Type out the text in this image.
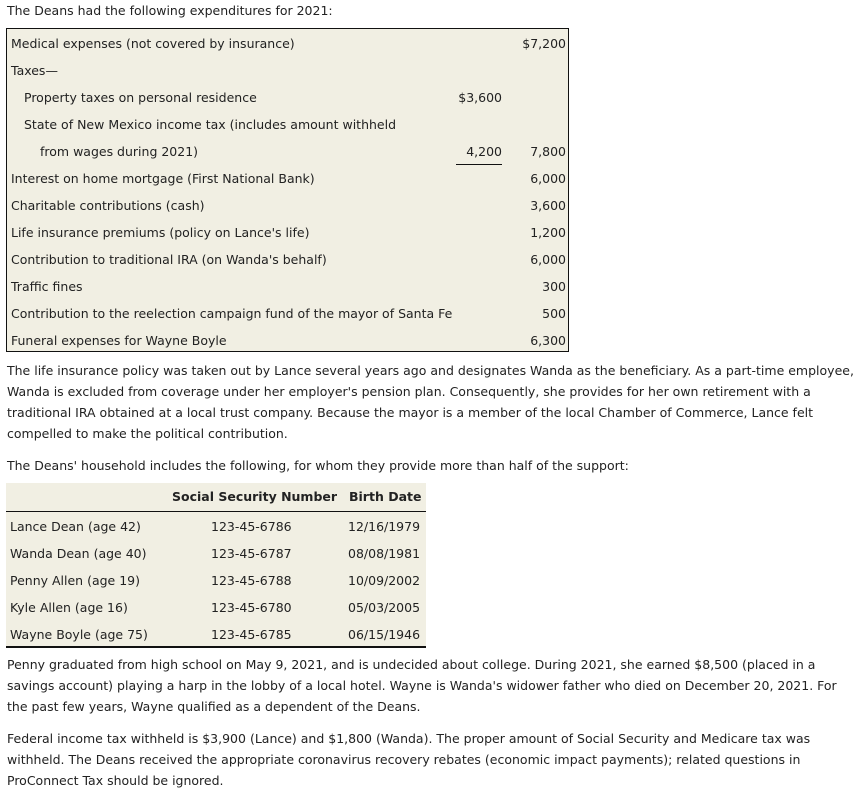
The Deans had the following expenditures for 2021:
Medical expenses (not covered by insurance)	$7,200
Taxes—
Property taxes on personal residence	$3,600
State of New Mexico income tax (includes amount withheld
from wages during 2021)	4,200 7,800
Interest on home mortgage (First National Bank)	6,000
Charitable contributions (cash)	3,600
Life insurance premiums (policy on Lance's life)	1,200
Contribution to traditional IRA (on Wanda's behalf)	6,000
Traffic fines	300
Contribution to the reelection campaign fund of the mayor of Santa Fe	500
Funeral expenses for Wayne Boyle	6,300
The life insurance policy was taken out by Lance several years ago and designates Wanda as the beneficiary. As a part-time employee, Wanda is excluded from coverage under her employer's pension plan. Consequently, she provides for her own retirement with a traditional IRA obtained at a local trust company. Because the mayor is a member of the local Chamber of Commerce, Lance felt compelled to make the political contribution.
The Deans' household includes the following, for whom they provide more than half of the support:
Social Security Number Birth Date
Lance Dean (age 42)	123-45-6786	12/16/1979
Wanda Dean (age 40)	123-45-6787	08/08/1981
Penny Allen (age 19)	123-45-6788	10/09/2002
Kyle Allen (age 16)	123-45-6780	05/03/2005
Wayne Boyle (age 75)	123-45-6785	06/15/1946
Penny graduated from high school on May 9, 2021, and is undecided about college. During 2021, she earned $8,500 (placed in a savings account) playing a harp in the lobby of a local hotel. Wayne is Wanda's widower father who died on December 20, 2021. For the past few years, Wayne qualified as a dependent of the Deans.
Federal income tax withheld is $3,900 (Lance) and $1,800 (Wanda). The proper amount of Social Security and Medicare tax was withheld. The Deans received the appropriate coronavirus recovery rebates (economic impact payments); related questions in ProConnect Tax should be ignored.
